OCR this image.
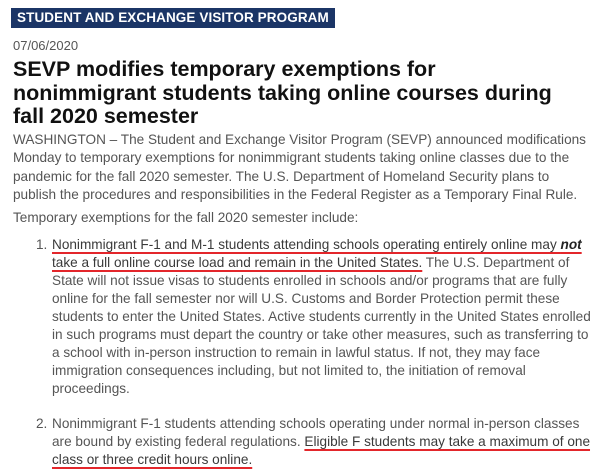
STUDENT AND EXCHANGE VISITOR PROGRAM
07/06/2020
SEVP modifies temporary exemptions for nonimmigrant students taking online courses during fall 2020 semester

WASHINGTON – The Student and Exchange Visitor Program (SEVP) announced modifications Monday to temporary exemptions for nonimmigrant students taking online classes due to the pandemic for the fall 2020 semester. The U.S. Department of Homeland Security plans to publish the procedures and responsibilities in the Federal Register as a Temporary Final Rule.

Temporary exemptions for the fall 2020 semester include:

1. Nonimmigrant F-1 and M-1 students attending schools operating entirely online may not take a full online course load and remain in the United States. The U.S. Department of State will not issue visas to students enrolled in schools and/or programs that are fully online for the fall semester nor will U.S. Customs and Border Protection permit these students to enter the United States. Active students currently in the United States enrolled in such programs must depart the country or take other measures, such as transferring to a school with in-person instruction to remain in lawful status. If not, they may face immigration consequences including, but not limited to, the initiation of removal proceedings.
2. Nonimmigrant F-1 students attending schools operating under normal in-person classes are bound by existing federal regulations. Eligible F students may take a maximum of one class or three credit hours online.
